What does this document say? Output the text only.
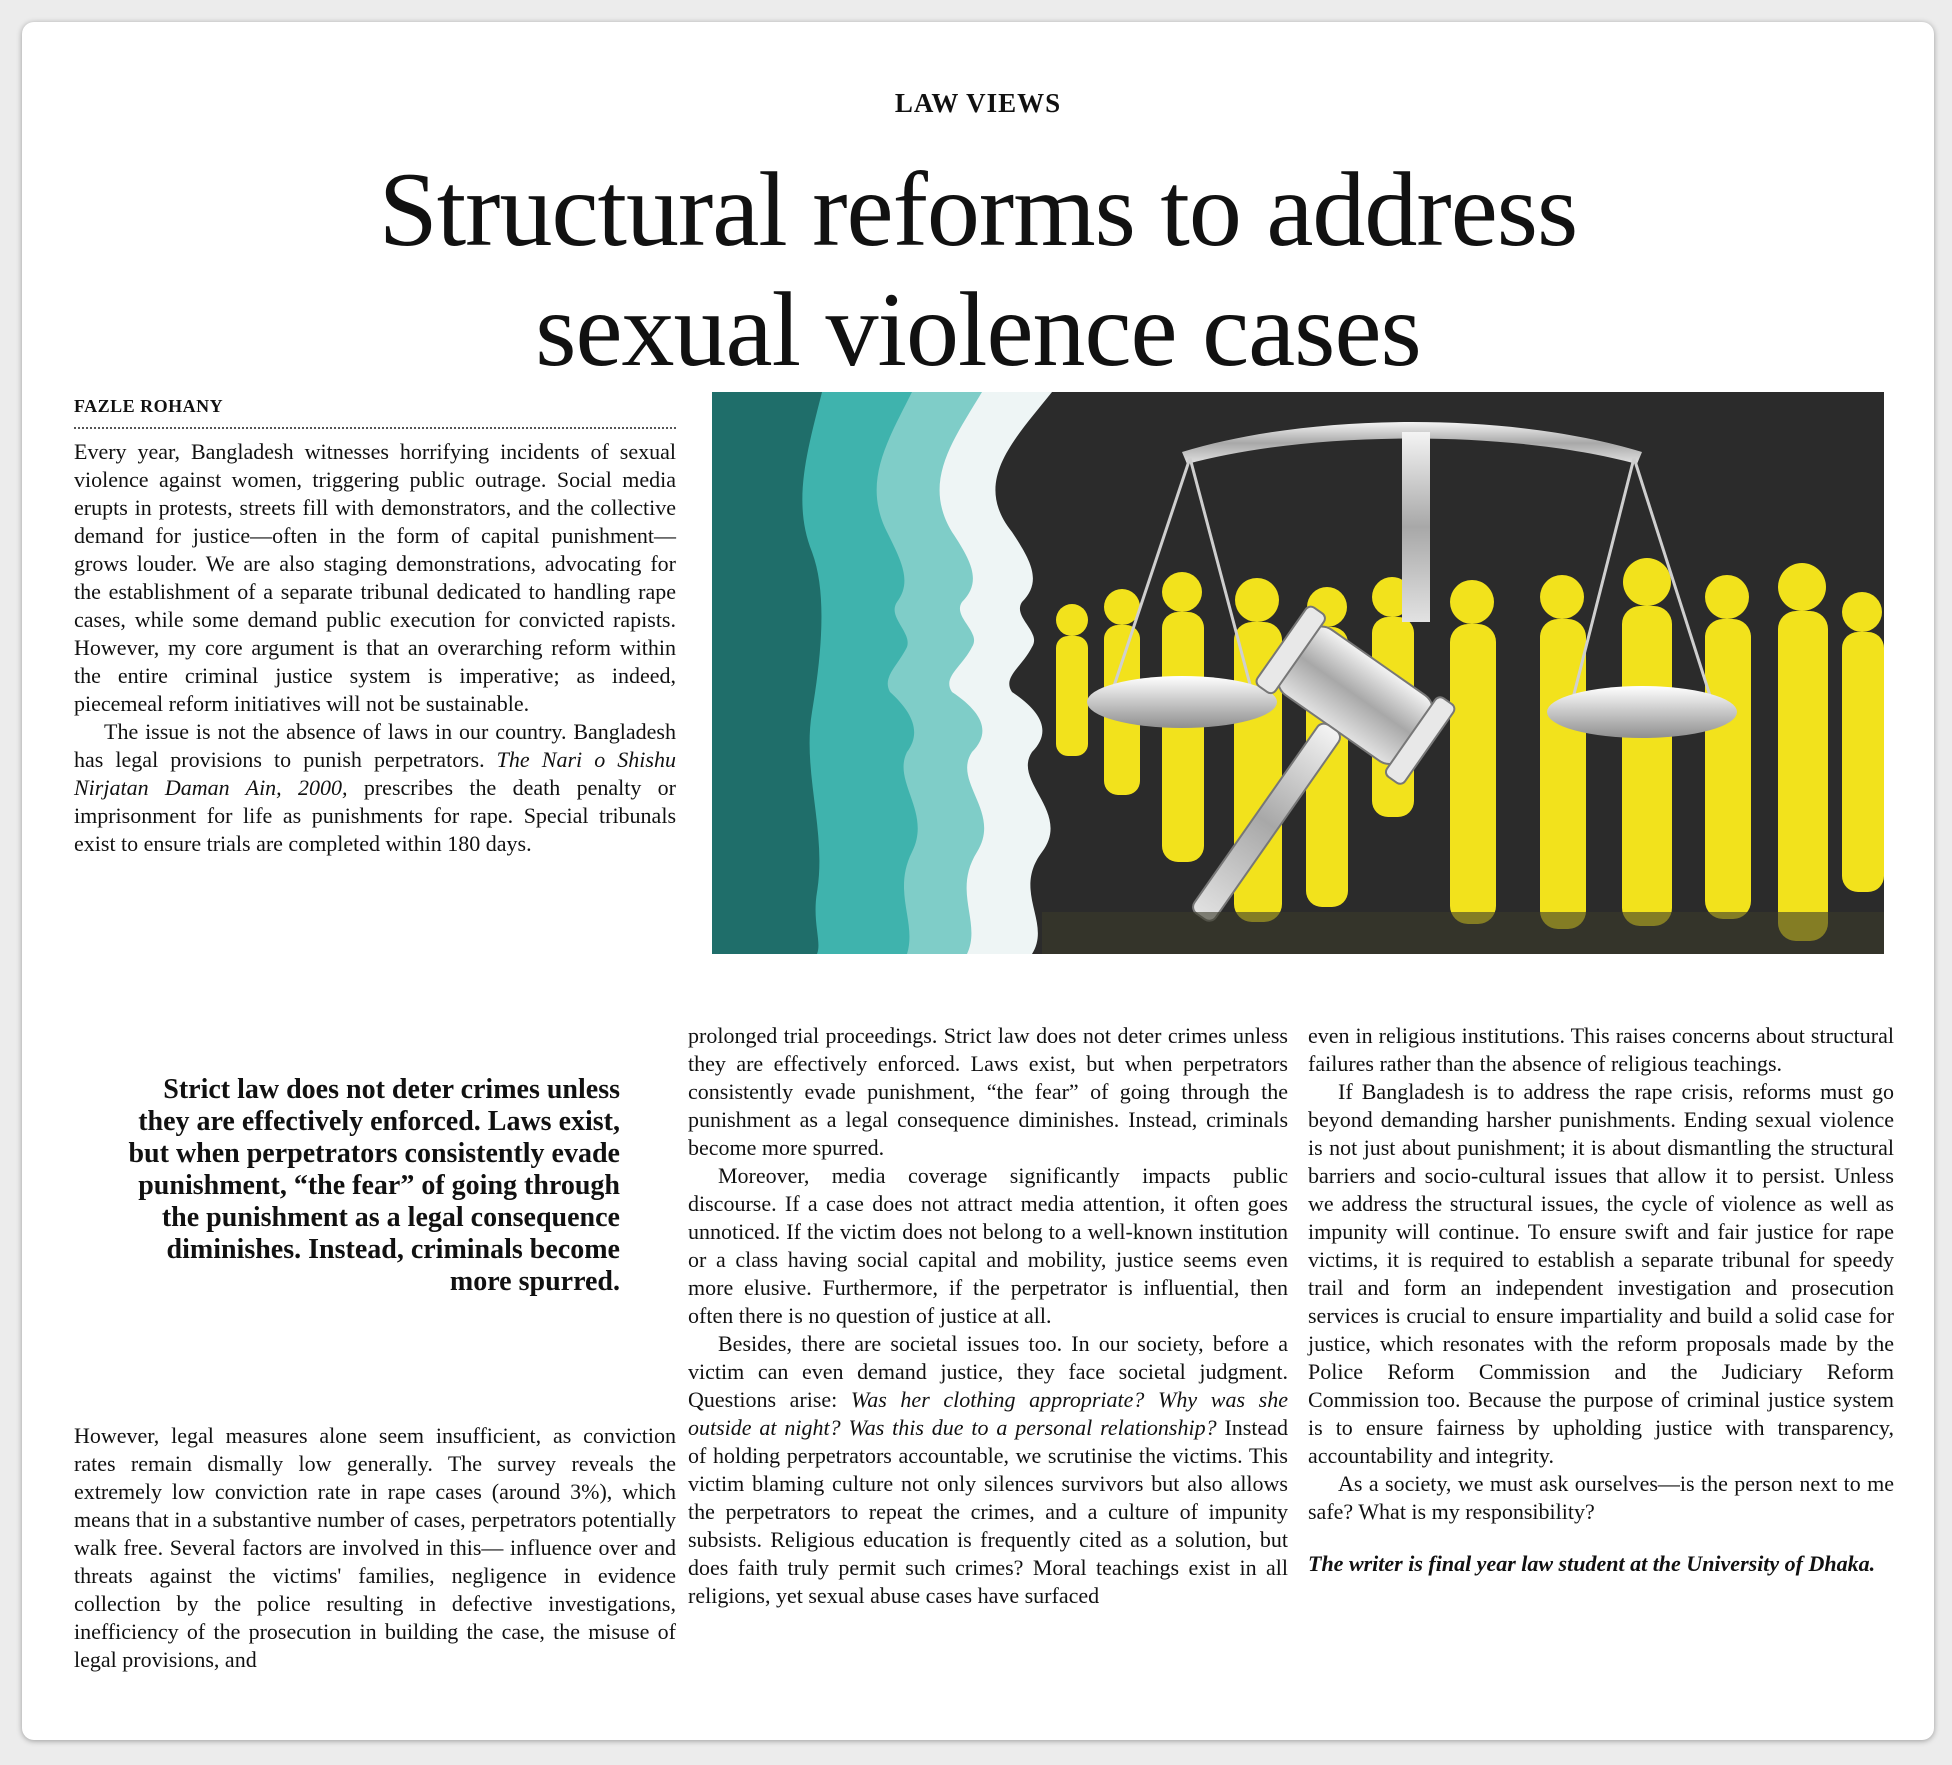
LAW VIEWS
Structural reforms to address
sexual violence cases
FAZLE ROHANY

Every year, Bangladesh witnesses horrifying incidents of sexual violence against women, triggering public outrage. Social media erupts in protests, streets fill with demonstrators, and the collective demand for justice—often in the form of capital punishment—grows louder. We are also staging demonstrations, advocating for the establishment of a separate tribunal dedicated to handling rape cases, while some demand public execution for convicted rapists. However, my core argument is that an overarching reform within the entire criminal justice system is imperative; as indeed, piecemeal reform initiatives will not be sustainable.

The issue is not the absence of laws in our country. Bangladesh has legal provisions to punish perpetrators. The Nari o Shishu Nirjatan Daman Ain, 2000, prescribes the death penalty or imprisonment for life as punishments for rape. Special tribunals exist to ensure trials are completed within 180 days.

Strict law does not deter crimes unless they are effectively enforced. Laws exist, but when perpetrators consistently evade punishment, “the fear” of going through the punishment as a legal consequence diminishes. Instead, criminals become more spurred.

However, legal measures alone seem insufficient, as conviction rates remain dismally low generally. The survey reveals the extremely low conviction rate in rape cases (around 3%), which means that in a substantive number of cases, perpetrators potentially walk free. Several factors are involved in this— influence over and threats against the victims' families, negligence in evidence collection by the police resulting in defective investigations, inefficiency of the prosecution in building the case, the misuse of legal provisions, and

prolonged trial proceedings. Strict law does not deter crimes unless they are effectively enforced. Laws exist, but when perpetrators consistently evade punishment, “the fear” of going through the punishment as a legal consequence diminishes. Instead, criminals become more spurred.

Moreover, media coverage significantly impacts public discourse. If a case does not attract media attention, it often goes unnoticed. If the victim does not belong to a well-known institution or a class having social capital and mobility, justice seems even more elusive. Furthermore, if the perpetrator is influential, then often there is no question of justice at all.

Besides, there are societal issues too. In our society, before a victim can even demand justice, they face societal judgment. Questions arise: Was her clothing appropriate? Why was she outside at night? Was this due to a personal relationship? Instead of holding perpetrators accountable, we scrutinise the victims. This victim blaming culture not only silences survivors but also allows the perpetrators to repeat the crimes, and a culture of impunity subsists. Religious education is frequently cited as a solution, but does faith truly permit such crimes? Moral teachings exist in all religions, yet sexual abuse cases have surfaced

even in religious institutions. This raises concerns about structural failures rather than the absence of religious teachings.

If Bangladesh is to address the rape crisis, reforms must go beyond demanding harsher punishments. Ending sexual violence is not just about punishment; it is about dismantling the structural barriers and socio-cultural issues that allow it to persist. Unless we address the structural issues, the cycle of violence as well as impunity will continue. To ensure swift and fair justice for rape victims, it is required to establish a separate tribunal for speedy trail and form an independent investigation and prosecution services is crucial to ensure impartiality and build a solid case for justice, which resonates with the reform proposals made by the Police Reform Commission and the Judiciary Reform Commission too. Because the purpose of criminal justice system is to ensure fairness by upholding justice with transparency, accountability and integrity.

As a society, we must ask ourselves—is the person next to me safe? What is my responsibility?

The writer is final year law student at the University of Dhaka.
